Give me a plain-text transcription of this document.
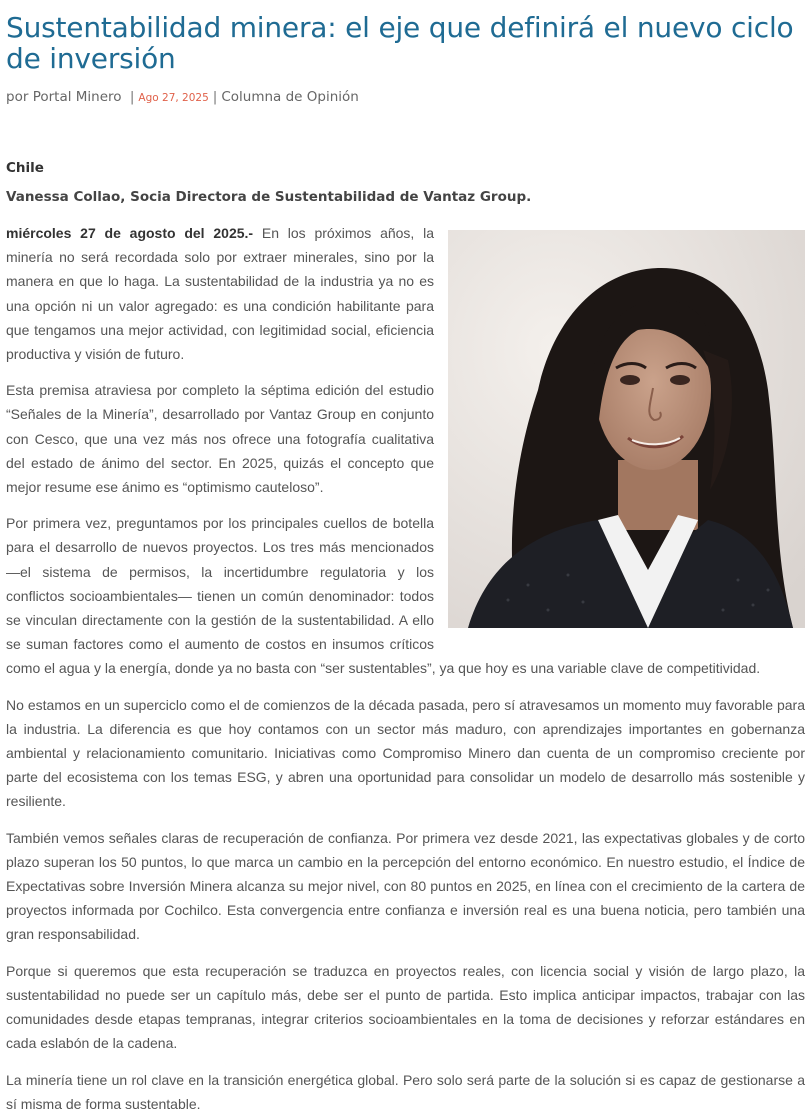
Sustentabilidad minera: el eje que definirá el nuevo ciclo de inversión
por Portal Minero | Ago 27, 2025 | Columna de Opinión
Chile
Vanessa Collao, Socia Directora de Sustentabilidad de Vantaz Group.

miércoles 27 de agosto del 2025.- En los próximos años, la minería no será recordada solo por extraer minerales, sino por la manera en que lo haga. La sustentabilidad de la industria ya no es una opción ni un valor agregado: es una condición habilitante para que tengamos una mejor actividad, con legitimidad social, eficiencia productiva y visión de futuro.

Esta premisa atraviesa por completo la séptima edición del estudio “Señales de la Minería”, desarrollado por Vantaz Group en conjunto con Cesco, que una vez más nos ofrece una fotografía cualitativa del estado de ánimo del sector. En 2025, quizás el concepto que mejor resume ese ánimo es “optimismo cauteloso”.

Por primera vez, preguntamos por los principales cuellos de botella para el desarrollo de nuevos proyectos. Los tres más mencionados —el sistema de permisos, la incertidumbre regulatoria y los conflictos socioambientales— tienen un común denominador: todos se vinculan directamente con la gestión de la sustentabilidad. A ello se suman factores como el aumento de costos en insumos críticos como el agua y la energía, donde ya no basta con “ser sustentables”, ya que hoy es una variable clave de competitividad.

No estamos en un superciclo como el de comienzos de la década pasada, pero sí atravesamos un momento muy favorable para la industria. La diferencia es que hoy contamos con un sector más maduro, con aprendizajes importantes en gobernanza ambiental y relacionamiento comunitario. Iniciativas como Compromiso Minero dan cuenta de un compromiso creciente por parte del ecosistema con los temas ESG, y abren una oportunidad para consolidar un modelo de desarrollo más sostenible y resiliente.

También vemos señales claras de recuperación de confianza. Por primera vez desde 2021, las expectativas globales y de corto plazo superan los 50 puntos, lo que marca un cambio en la percepción del entorno económico. En nuestro estudio, el Índice de Expectativas sobre Inversión Minera alcanza su mejor nivel, con 80 puntos en 2025, en línea con el crecimiento de la cartera de proyectos informada por Cochilco. Esta convergencia entre confianza e inversión real es una buena noticia, pero también una gran responsabilidad.

Porque si queremos que esta recuperación se traduzca en proyectos reales, con licencia social y visión de largo plazo, la sustentabilidad no puede ser un capítulo más, debe ser el punto de partida. Esto implica anticipar impactos, trabajar con las comunidades desde etapas tempranas, integrar criterios socioambientales en la toma de decisiones y reforzar estándares en cada eslabón de la cadena.

La minería tiene un rol clave en la transición energética global. Pero solo será parte de la solución si es capaz de gestionarse a sí misma de forma sustentable.
